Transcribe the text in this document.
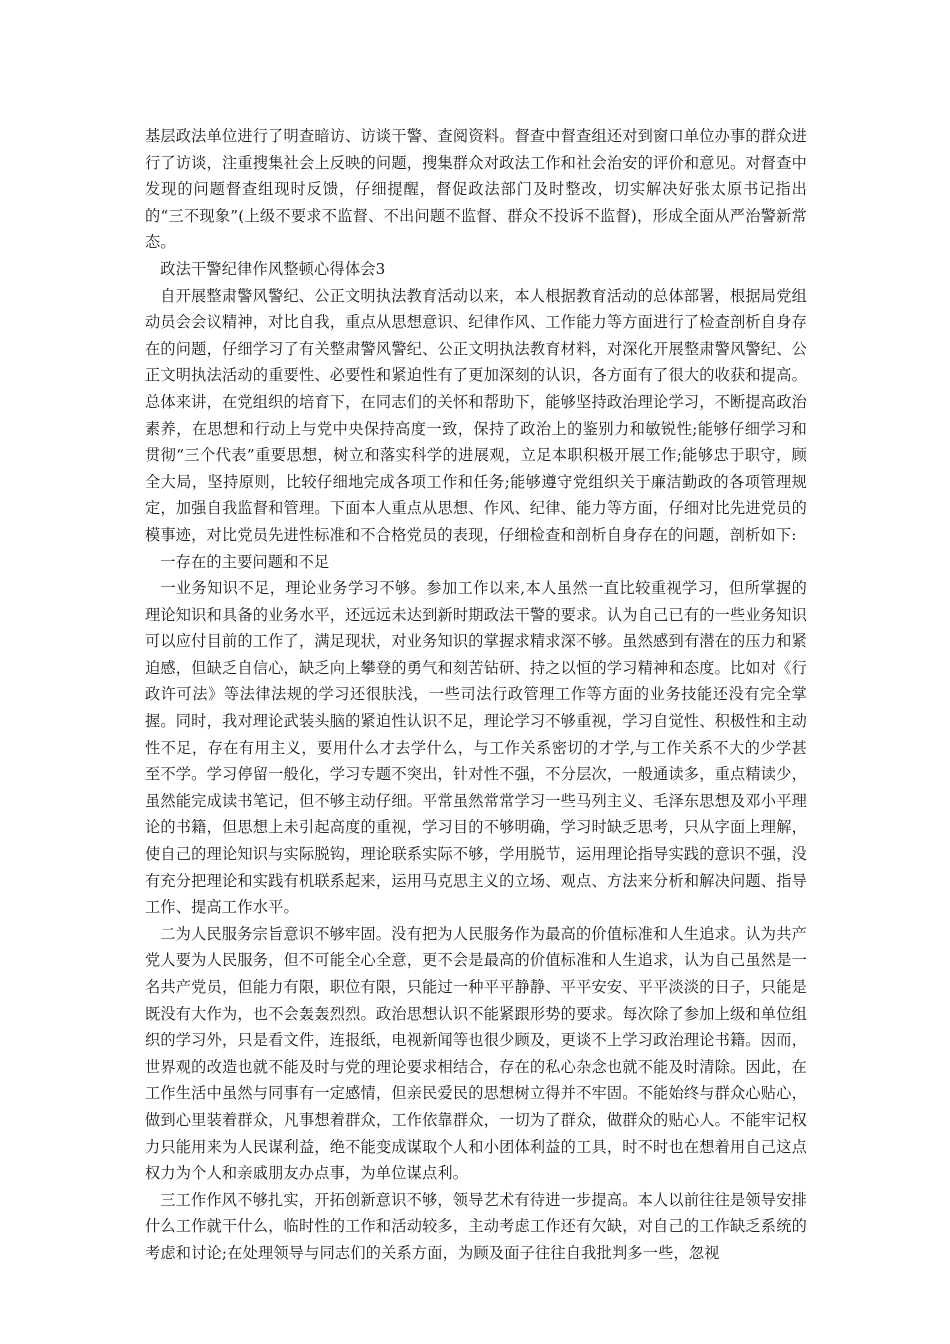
基层政法单位进行了明查暗访、访谈干警、查阅资料。督查中督查组还对到窗口单位办事的群众进行了访谈，注重搜集社会上反映的问题，搜集群众对政法工作和社会治安的评价和意见。对督查中发现的问题督查组现时反馈，仔细提醒，督促政法部门及时整改，切实解决好张太原书记指出的“三不现象”(上级不要求不监督、不出问题不监督、群众不投诉不监督)，形成全面从严治警新常态。

政法干警纪律作风整顿心得体会3

自开展整肃警风警纪、公正文明执法教育活动以来，本人根据教育活动的总体部署，根据局党组动员会会议精神，对比自我，重点从思想意识、纪律作风、工作能力等方面进行了检查剖析自身存在的问题，仔细学习了有关整肃警风警纪、公正文明执法教育材料，对深化开展整肃警风警纪、公正文明执法活动的重要性、必要性和紧迫性有了更加深刻的认识，各方面有了很大的收获和提高。总体来讲，在党组织的培育下，在同志们的关怀和帮助下，能够坚持政治理论学习，不断提高政治素养，在思想和行动上与党中央保持高度一致，保持了政治上的鉴别力和敏锐性;能够仔细学习和贯彻“三个代表”重要思想，树立和落实科学的进展观，立足本职积极开展工作;能够忠于职守，顾全大局，坚持原则，比较仔细地完成各项工作和任务;能够遵守党组织关于廉洁勤政的各项管理规定，加强自我监督和管理。下面本人重点从思想、作风、纪律、能力等方面，仔细对比先进党员的模事迹，对比党员先进性标准和不合格党员的表现，仔细检查和剖析自身存在的问题，剖析如下:

一存在的主要问题和不足

一业务知识不足，理论业务学习不够。参加工作以来,本人虽然一直比较重视学习，但所掌握的理论知识和具备的业务水平，还远远未达到新时期政法干警的要求。认为自己已有的一些业务知识可以应付目前的工作了，满足现状，对业务知识的掌握求精求深不够。虽然感到有潜在的压力和紧迫感，但缺乏自信心，缺乏向上攀登的勇气和刻苦钻研、持之以恒的学习精神和态度。比如对《行政许可法》等法律法规的学习还很肤浅，一些司法行政管理工作等方面的业务技能还没有完全掌握。同时，我对理论武装头脑的紧迫性认识不足，理论学习不够重视，学习自觉性、积极性和主动性不足，存在有用主义，要用什么才去学什么，与工作关系密切的才学,与工作关系不大的少学甚至不学。学习停留一般化，学习专题不突出，针对性不强，不分层次，一般通读多，重点精读少，虽然能完成读书笔记，但不够主动仔细。平常虽然常常学习一些马列主义、毛泽东思想及邓小平理论的书籍，但思想上未引起高度的重视，学习目的不够明确，学习时缺乏思考，只从字面上理解，使自己的理论知识与实际脱钩，理论联系实际不够，学用脱节，运用理论指导实践的意识不强，没有充分把理论和实践有机联系起来，运用马克思主义的立场、观点、方法来分析和解决问题、指导工作、提高工作水平。

二为人民服务宗旨意识不够牢固。没有把为人民服务作为最高的价值标准和人生追求。认为共产党人要为人民服务，但不可能全心全意，更不会是最高的价值标准和人生追求，认为自己虽然是一名共产党员，但能力有限，职位有限，只能过一种平平静静、平平安安、平平淡淡的日子，只能是既没有大作为，也不会轰轰烈烈。政治思想认识不能紧跟形势的要求。每次除了参加上级和单位组织的学习外，只是看文件，连报纸，电视新闻等也很少顾及，更谈不上学习政治理论书籍。因而，世界观的改造也就不能及时与党的理论要求相结合，存在的私心杂念也就不能及时清除。因此，在工作生活中虽然与同事有一定感情，但亲民爱民的思想树立得并不牢固。不能始终与群众心贴心，做到心里装着群众，凡事想着群众，工作依靠群众，一切为了群众，做群众的贴心人。不能牢记权力只能用来为人民谋利益，绝不能变成谋取个人和小团体利益的工具，时不时也在想着用自己这点权力为个人和亲戚朋友办点事，为单位谋点利。

三工作作风不够扎实，开拓创新意识不够，领导艺术有待进一步提高。本人以前往往是领导安排什么工作就干什么，临时性的工作和活动较多，主动考虑工作还有欠缺，对自己的工作缺乏系统的考虑和讨论;在处理领导与同志们的关系方面，为顾及面子往往自我批判多一些，忽视
